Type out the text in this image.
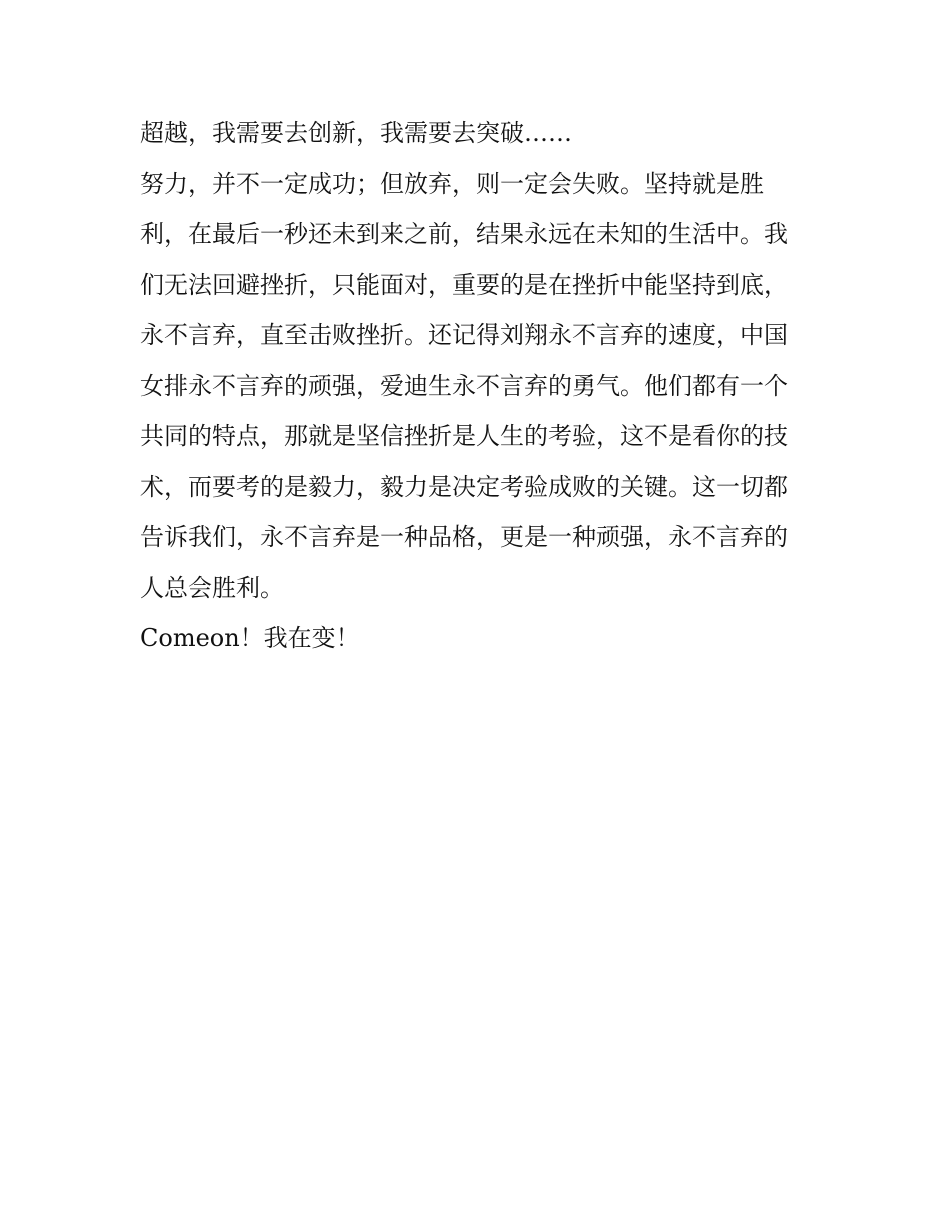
超越，我需要去创新，我需要去突破……

努力，并不一定成功；但放弃，则一定会失败。坚持就是胜
利，在最后一秒还未到来之前，结果永远在未知的生活中。我
们无法回避挫折，只能面对，重要的是在挫折中能坚持到底，
永不言弃，直至击败挫折。还记得刘翔永不言弃的速度，中国
女排永不言弃的顽强，爱迪生永不言弃的勇气。他们都有一个
共同的特点，那就是坚信挫折是人生的考验，这不是看你的技
术，而要考的是毅力，毅力是决定考验成败的关键。这一切都
告诉我们，永不言弃是一种品格，更是一种顽强，永不言弃的
人总会胜利。

Comeon！我在变！
